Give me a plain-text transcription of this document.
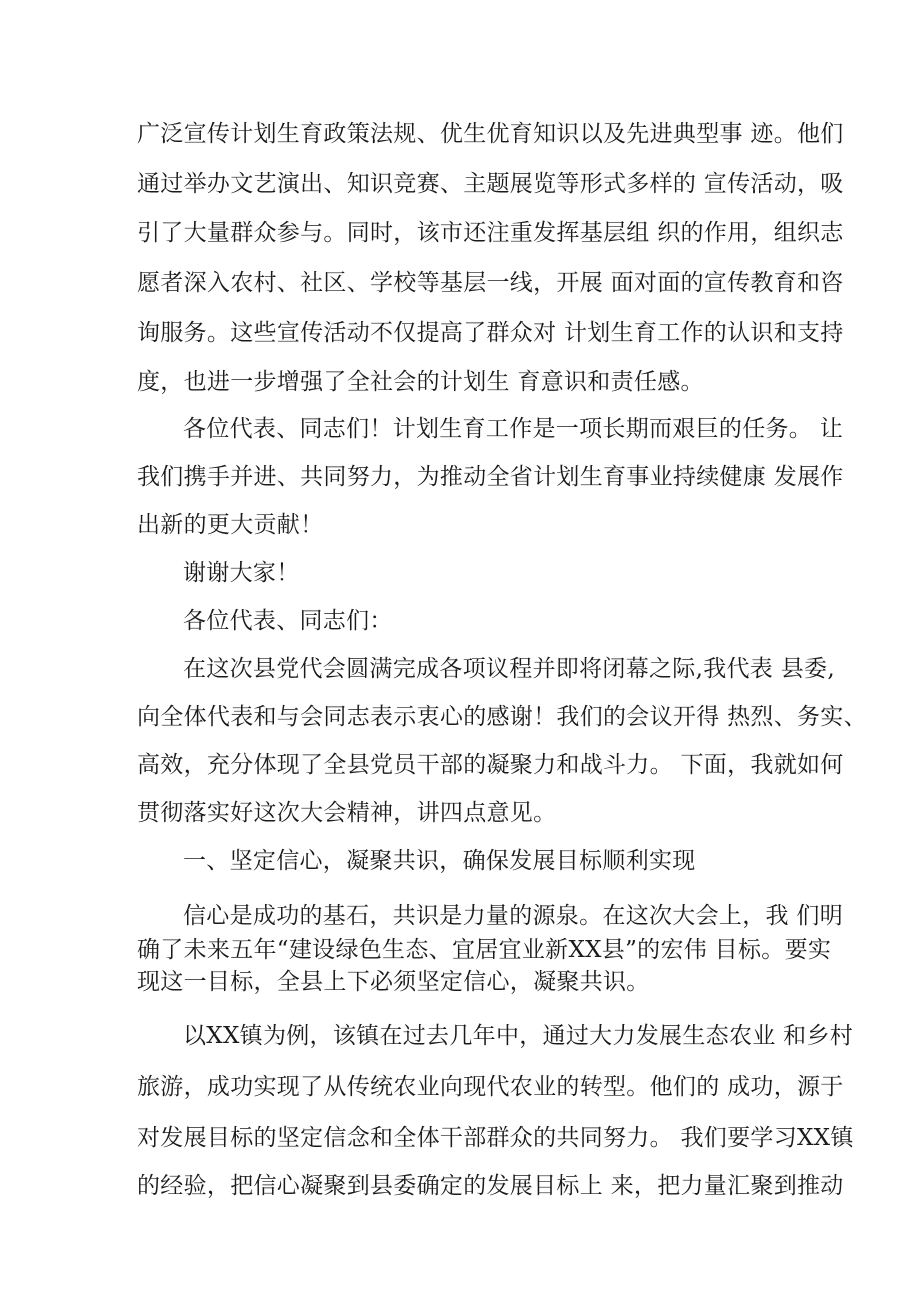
广泛宣传计划生育政策法规、优生优育知识以及先进典型事 迹。他们
通过举办文艺演出、知识竞赛、主题展览等形式多样的 宣传活动，吸
引了大量群众参与。同时，该市还注重发挥基层组 织的作用，组织志
愿者深入农村、社区、学校等基层一线，开展 面对面的宣传教育和咨
询服务。这些宣传活动不仅提高了群众对 计划生育工作的认识和支持
度，也进一步增强了全社会的计划生 育意识和责任感。
各位代表、同志们！计划生育工作是一项长期而艰巨的任务。 让
我们携手并进、共同努力，为推动全省计划生育事业持续健康 发展作
出新的更大贡献！
谢谢大家！
各位代表、同志们：
在这次县党代会圆满完成各项议程并即将闭幕之际,我代表 县委,
向全体代表和与会同志表示衷心的感谢！我们的会议开得 热烈、务实、
高效，充分体现了全县党员干部的凝聚力和战斗力。 下面，我就如何
贯彻落实好这次大会精神，讲四点意见。
一、坚定信心，凝聚共识，确保发展目标顺利实现
信心是成功的基石，共识是力量的源泉。在这次大会上，我 们明
确了未来五年“建设绿色生态、宜居宜业新XX县”的宏伟 目标。要实
现这一目标，全县上下必须坚定信心，凝聚共识。
以XX镇为例，该镇在过去几年中，通过大力发展生态农业 和乡村
旅游，成功实现了从传统农业向现代农业的转型。他们的 成功，源于
对发展目标的坚定信念和全体干部群众的共同努力。 我们要学习XX镇
的经验，把信心凝聚到县委确定的发展目标上 来，把力量汇聚到推动
